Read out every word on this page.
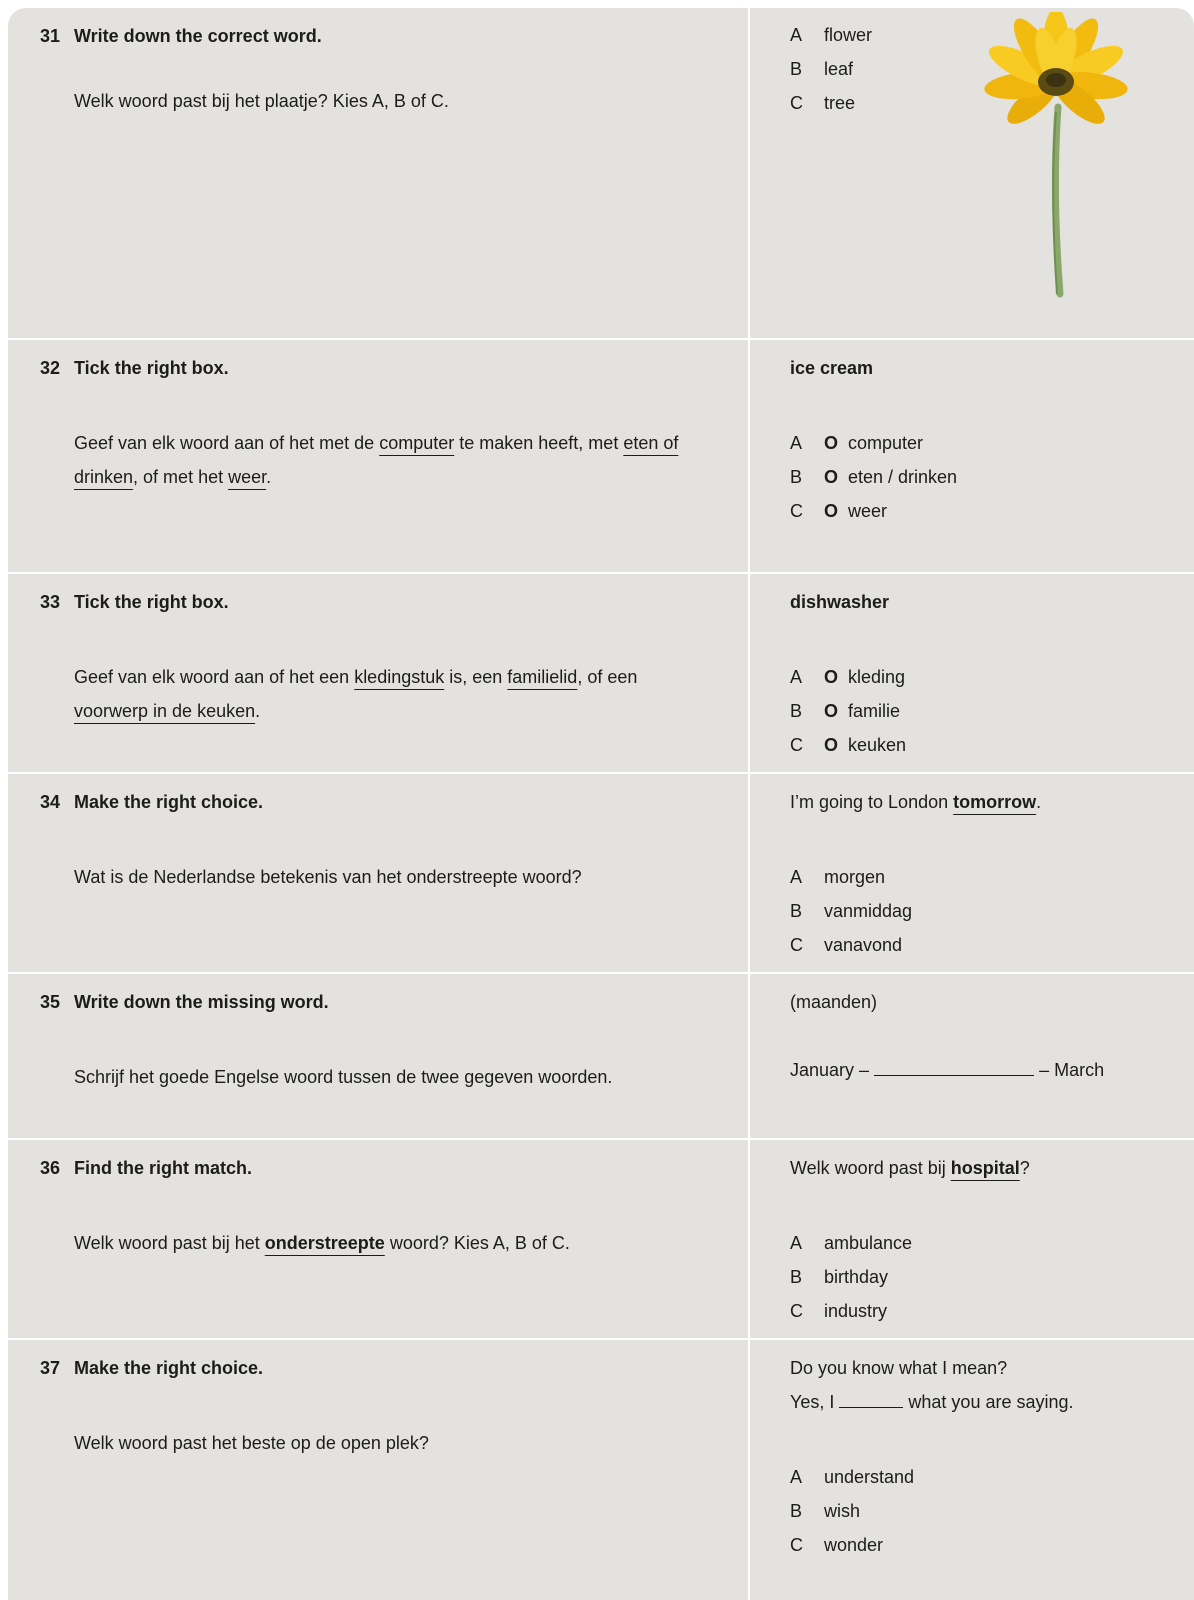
31 Write down the correct word.
Welk woord past bij het plaatje? Kies A, B of C.
A flower
B leaf
C tree
32 Tick the right box.
Geef van elk woord aan of het met de computer te maken heeft, met eten of drinken, of met het weer.
ice cream
A O computer
B O eten / drinken
C O weer
33 Tick the right box.
Geef van elk woord aan of het een kledingstuk is, een familielid, of een voorwerp in de keuken.
dishwasher
A O kleding
B O familie
C O keuken
34 Make the right choice.
Wat is de Nederlandse betekenis van het onderstreepte woord?
I’m going to London tomorrow.
A morgen
B vanmiddag
C vanavond
35 Write down the missing word.
Schrijf het goede Engelse woord tussen de twee gegeven woorden.
(maanden)
January –	– March
36 Find the right match.
Welk woord past bij het onderstreepte woord? Kies A, B of C.
Welk woord past bij hospital?
A ambulance
B birthday
C industry
37 Make the right choice.
Welk woord past het beste op de open plek?
Do you know what I mean?
Yes, I	what you are saying.
A understand
B wish
C wonder
